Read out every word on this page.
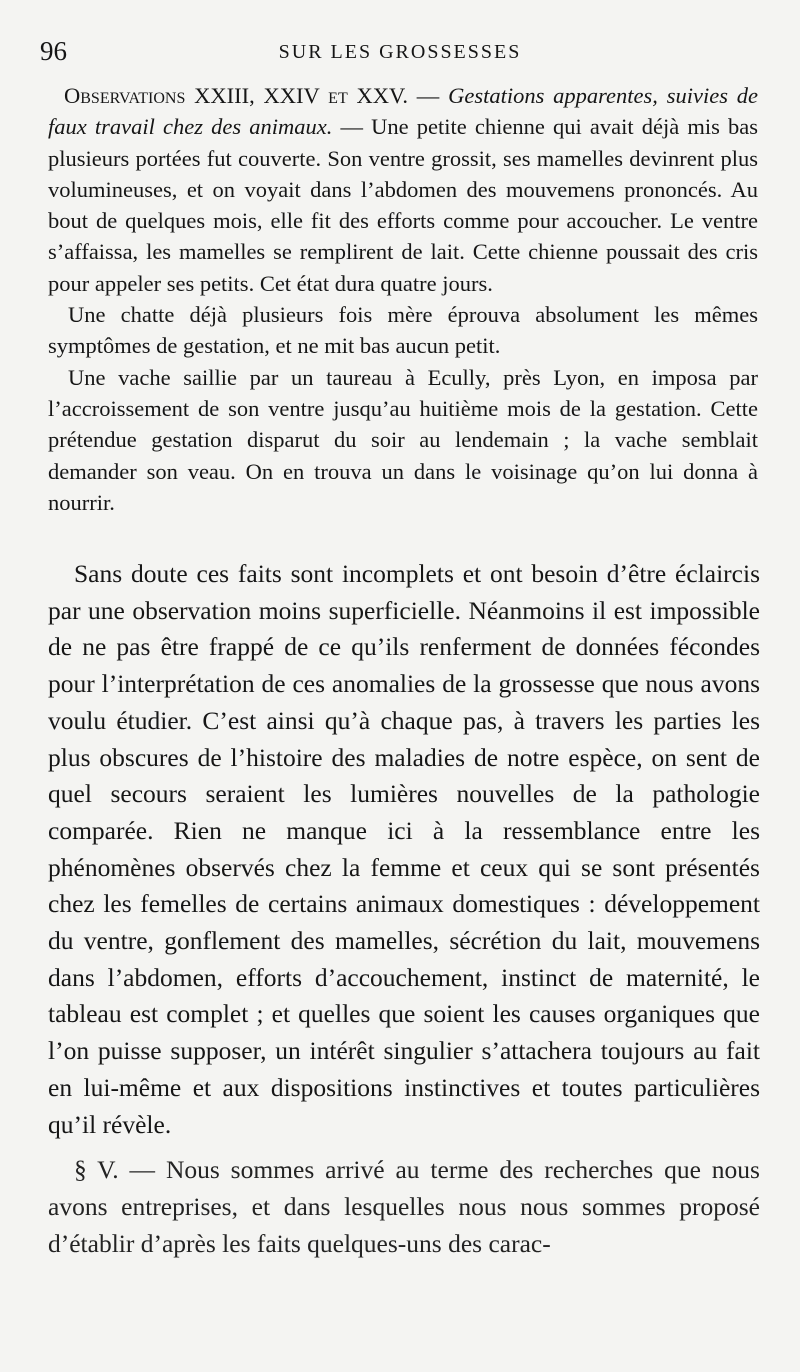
96	SUR LES GROSSESSES

Observations XXIII, XXIV et XXV. — Gestations apparentes, suivies de faux travail chez des animaux. — Une petite chienne qui avait déjà mis bas plusieurs portées fut couverte. Son ventre grossit, ses mamelles devinrent plus volumineuses, et on voyait dans l’abdomen des mouvemens prononcés. Au bout de quelques mois, elle fit des efforts comme pour accoucher. Le ventre s’affaissa, les mamelles se remplirent de lait. Cette chienne poussait des cris pour appeler ses petits. Cet état dura quatre jours.

Une chatte déjà plusieurs fois mère éprouva absolument les mêmes symptômes de gestation, et ne mit bas aucun petit.

Une vache saillie par un taureau à Ecully, près Lyon, en imposa par l’accroissement de son ventre jusqu’au huitième mois de la gestation. Cette prétendue gestation disparut du soir au lendemain ; la vache semblait demander son veau. On en trouva un dans le voisinage qu’on lui donna à nourrir.

Sans doute ces faits sont incomplets et ont besoin d’être éclaircis par une observation moins superficielle. Néanmoins il est impossible de ne pas être frappé de ce qu’ils renferment de données fécondes pour l’interprétation de ces anomalies de la grossesse que nous avons voulu étudier. C’est ainsi qu’à chaque pas, à travers les parties les plus obscures de l’histoire des maladies de notre espèce, on sent de quel secours seraient les lumières nouvelles de la pathologie comparée. Rien ne manque ici à la ressemblance entre les phénomènes observés chez la femme et ceux qui se sont présentés chez les femelles de certains animaux domestiques : développement du ventre, gonflement des mamelles, sécrétion du lait, mouvemens dans l’abdomen, efforts d’accouchement, instinct de maternité, le tableau est complet ; et quelles que soient les causes organiques que l’on puisse supposer, un intérêt singulier s’attachera toujours au fait en lui-même et aux dispositions instinctives et toutes particulières qu’il révèle.

§ V. — Nous sommes arrivé au terme des recherches que nous avons entreprises, et dans lesquelles nous nous sommes proposé d’établir d’après les faits quelques-uns des carac-
